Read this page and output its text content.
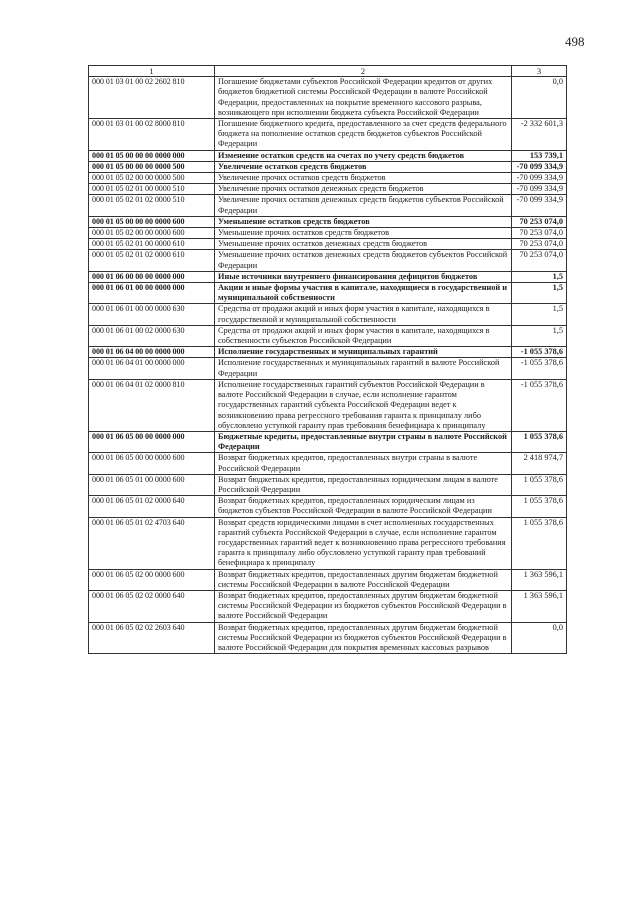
498
1	2	3
000 01 03 01 00 02 2602 810	Погашение бюджетами субъектов Российской Федерации кредитов от других бюджетов бюджетной системы Российской Федерации в валюте Российской Федерации, предоставленных на покрытие временного кассового разрыва, возникающего при исполнении бюджета субъекта Российской Федерации	0,0
000 01 03 01 00 02 8000 810	Погашение бюджетного кредита, предоставленного за счет средств федерального бюджета на пополнение остатков средств бюджетов субъектов Российской Федерации	-2 332 601,3
000 01 05 00 00 00 0000 000	Изменение остатков средств на счетах по учету средств бюджетов	153 739,1
000 01 05 00 00 00 0000 500	Увеличение остатков средств бюджетов	-70 099 334,9
000 01 05 02 00 00 0000 500	Увеличение прочих остатков средств бюджетов	-70 099 334,9
000 01 05 02 01 00 0000 510	Увеличение прочих остатков денежных средств бюджетов	-70 099 334,9
000 01 05 02 01 02 0000 510	Увеличение прочих остатков денежных средств бюджетов субъектов Российской Федерации	-70 099 334,9
000 01 05 00 00 00 0000 600	Уменьшение остатков средств бюджетов	70 253 074,0
000 01 05 02 00 00 0000 600	Уменьшение прочих остатков средств бюджетов	70 253 074,0
000 01 05 02 01 00 0000 610	Уменьшение прочих остатков денежных средств бюджетов	70 253 074,0
000 01 05 02 01 02 0000 610	Уменьшение прочих остатков денежных средств бюджетов субъектов Российской Федерации	70 253 074,0
000 01 06 00 00 00 0000 000	Иные источники внутреннего финансирования дефицитов бюджетов	1,5
000 01 06 01 00 00 0000 000	Акции и иные формы участия в капитале, находящиеся в государственной и муниципальной собственности	1,5
000 01 06 01 00 00 0000 630	Средства от продажи акций и иных форм участия в капитале, находящихся в государственной и муниципальной собственности	1,5
000 01 06 01 00 02 0000 630	Средства от продажи акций и иных форм участия в капитале, находящихся в собственности субъектов Российской Федерации	1,5
000 01 06 04 00 00 0000 000	Исполнение государственных и муниципальных гарантий	-1 055 378,6
000 01 06 04 01 00 0000 000	Исполнение государственных и муниципальных гарантий в валюте Российской Федерации	-1 055 378,6
000 01 06 04 01 02 0000 810	Исполнение государственных гарантий субъектов Российской Федерации в валюте Российской Федерации в случае, если исполнение гарантом государственных гарантий субъекта Российской Федерации ведет к возникновению права регрессного требования гаранта к принципалу либо обусловлено уступкой гаранту прав требования бенефициара к принципалу	-1 055 378,6
000 01 06 05 00 00 0000 000	Бюджетные кредиты, предоставленные внутри страны в валюте Российской Федерации	1 055 378,6
000 01 06 05 00 00 0000 600	Возврат бюджетных кредитов, предоставленных внутри страны в валюте Российской Федерации	2 418 974,7
000 01 06 05 01 00 0000 600	Возврат бюджетных кредитов, предоставленных юридическим лицам в валюте Российской Федерации	1 055 378,6
000 01 06 05 01 02 0000 640	Возврат бюджетных кредитов, предоставленных юридическим лицам из бюджетов субъектов Российской Федерации в валюте Российской Федерации	1 055 378,6
000 01 06 05 01 02 4703 640	Возврат средств юридическими лицами в счет исполненных государственных гарантий субъекта Российской Федерации в случае, если исполнение гарантом государственных гарантий ведет к возникновению права регрессного требования гаранта к принципалу либо обусловлено уступкой гаранту прав требований бенефициара к принципалу	1 055 378,6
000 01 06 05 02 00 0000 600	Возврат бюджетных кредитов, предоставленных другим бюджетам бюджетной системы Российской Федерации в валюте Российской Федерации	1 363 596,1
000 01 06 05 02 02 0000 640	Возврат бюджетных кредитов, предоставленных другим бюджетам бюджетной системы Российской Федерации из бюджетов субъектов Российской Федерации в валюте Российской Федерации	1 363 596,1
000 01 06 05 02 02 2603 640	Возврат бюджетных кредитов, предоставленных другим бюджетам бюджетной системы Российской Федерации из бюджетов субъектов Российской Федерации в валюте Российской Федерации для покрытия временных кассовых разрывов	0,0
